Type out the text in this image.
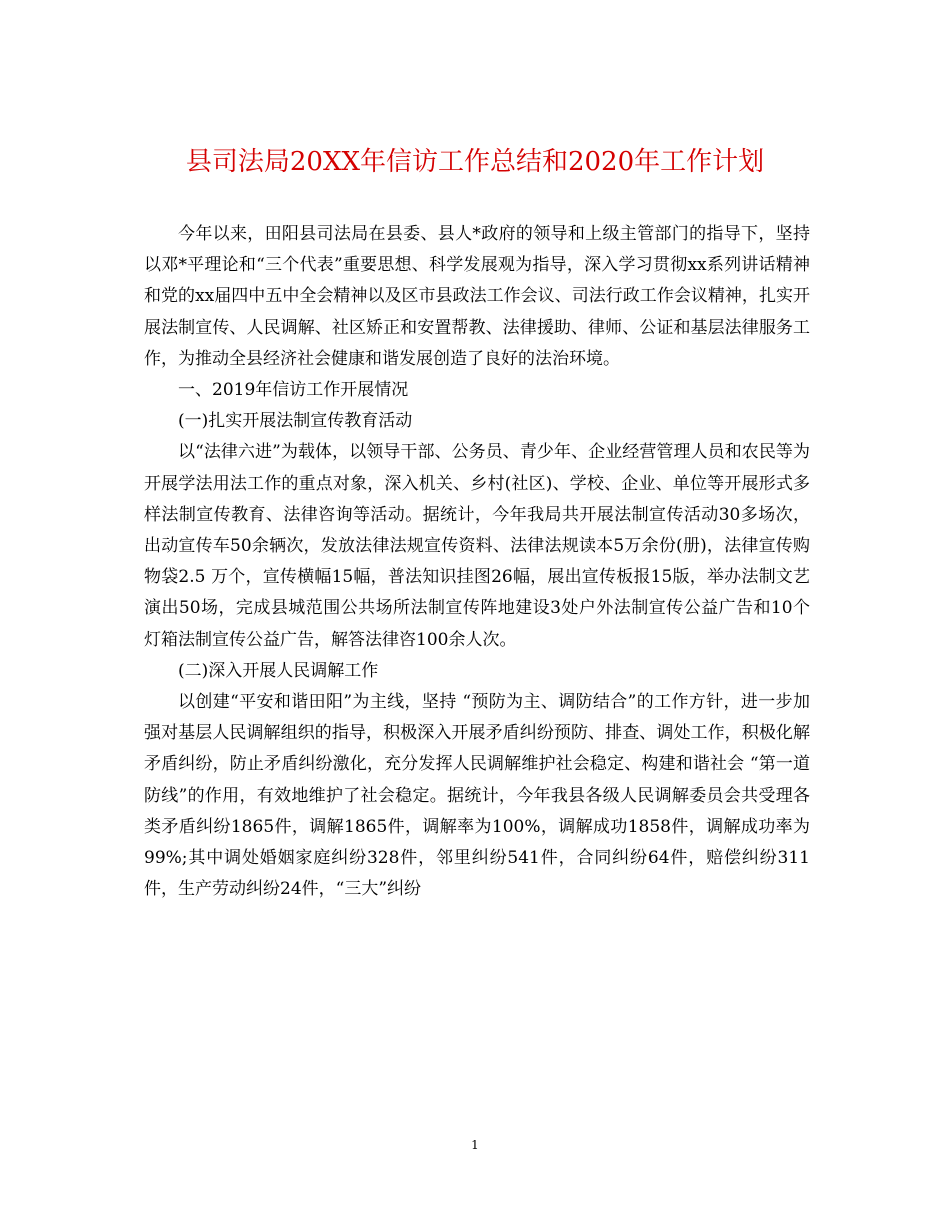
县司法局20XX年信访工作总结和2020年工作计划

今年以来，田阳县司法局在县委、县人*政府的领导和上级主管部门的指导下，坚持以邓*平理论和“三个代表”重要思想、科学发展观为指导，深入学习贯彻xx系列讲话精神和党的xx届四中五中全会精神以及区市县政法工作会议、司法行政工作会议精神，扎实开展法制宣传、人民调解、社区矫正和安置帮教、法律援助、律师、公证和基层法律服务工作，为推动全县经济社会健康和谐发展创造了良好的法治环境。

一、2019年信访工作开展情况

(一)扎实开展法制宣传教育活动

以“法律六进”为载体，以领导干部、公务员、青少年、企业经营管理人员和农民等为开展学法用法工作的重点对象，深入机关、乡村(社区)、学校、企业、单位等开展形式多样法制宣传教育、法律咨询等活动。据统计，今年我局共开展法制宣传活动30多场次，出动宣传车50余辆次，发放法律法规宣传资料、法律法规读本5万余份(册)，法律宣传购物袋2.5 万个，宣传横幅15幅，普法知识挂图26幅，展出宣传板报15版，举办法制文艺演出50场，完成县城范围公共场所法制宣传阵地建设3处户外法制宣传公益广告和10个灯箱法制宣传公益广告，解答法律咨100余人次。

(二)深入开展人民调解工作

以创建“平安和谐田阳”为主线，坚持 “预防为主、调防结合”的工作方针，进一步加强对基层人民调解组织的指导，积极深入开展矛盾纠纷预防、排查、调处工作，积极化解矛盾纠纷，防止矛盾纠纷激化，充分发挥人民调解维护社会稳定、构建和谐社会 “第一道防线”的作用，有效地维护了社会稳定。据统计，今年我县各级人民调解委员会共受理各类矛盾纠纷1865件，调解1865件，调解率为100%，调解成功1858件，调解成功率为99%;其中调处婚姻家庭纠纷328件，邻里纠纷541件，合同纠纷64件，赔偿纠纷311件，生产劳动纠纷24件，“三大”纠纷

1
